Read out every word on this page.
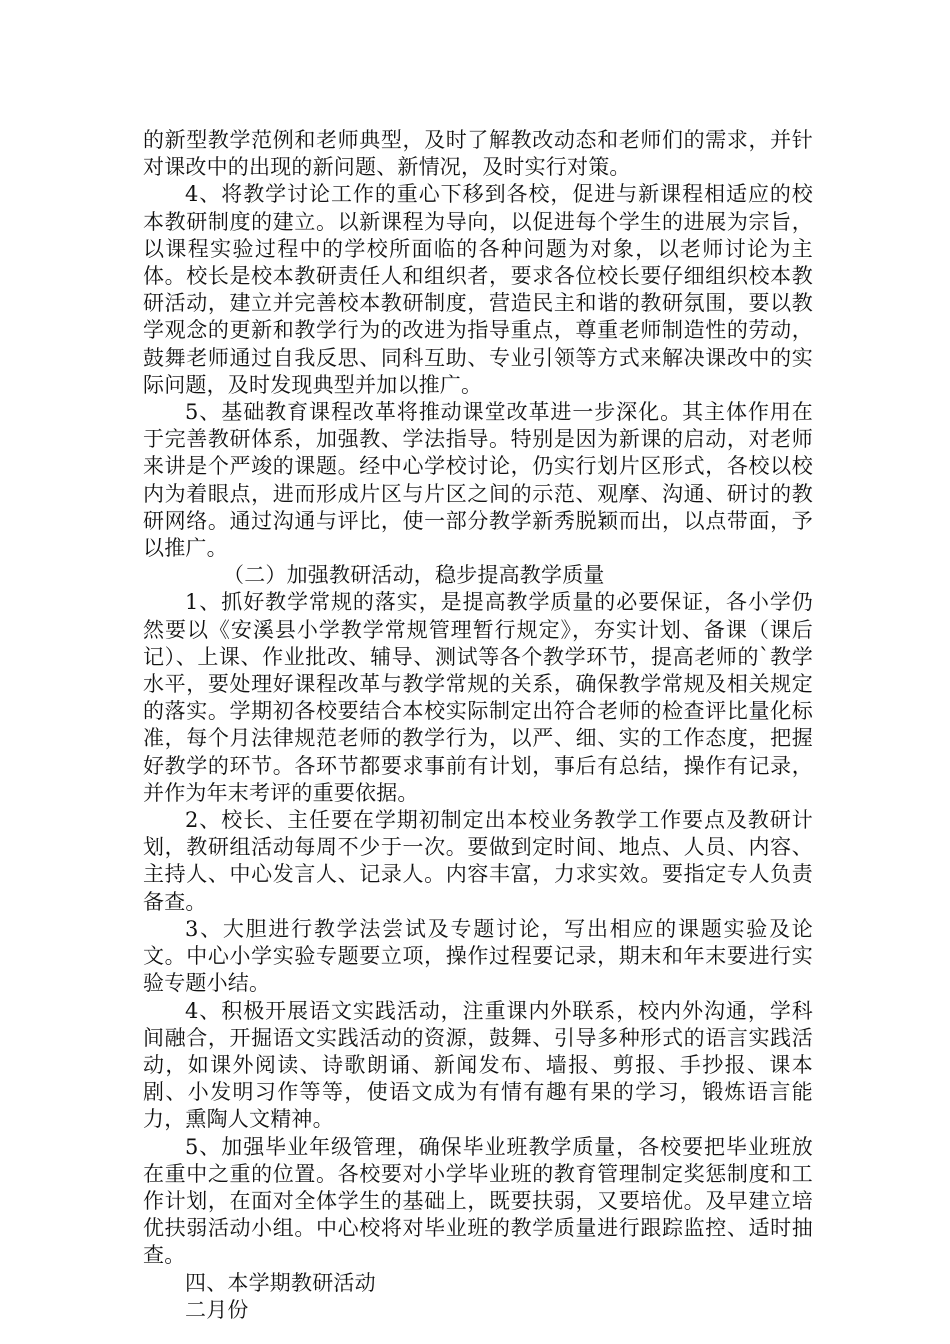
的新型教学范例和老师典型，及时了解教改动态和老师们的需求，并针对课改中的出现的新问题、新情况，及时实行对策。

4、将教学讨论工作的重心下移到各校，促进与新课程相适应的校本教研制度的建立。以新课程为导向，以促进每个学生的进展为宗旨，以课程实验过程中的学校所面临的各种问题为对象，以老师讨论为主体。校长是校本教研责任人和组织者，要求各位校长要仔细组织校本教研活动，建立并完善校本教研制度，营造民主和谐的教研氛围，要以教学观念的更新和教学行为的改进为指导重点，尊重老师制造性的劳动，鼓舞老师通过自我反思、同科互助、专业引领等方式来解决课改中的实际问题，及时发现典型并加以推广。

5、基础教育课程改革将推动课堂改革进一步深化。其主体作用在于完善教研体系，加强教、学法指导。特别是因为新课的启动，对老师来讲是个严竣的课题。经中心学校讨论，仍实行划片区形式，各校以校内为着眼点，进而形成片区与片区之间的示范、观摩、沟通、研讨的教研网络。通过沟通与评比，使一部分教学新秀脱颖而出，以点带面，予以推广。

（二）加强教研活动，稳步提高教学质量

1、抓好教学常规的落实，是提高教学质量的必要保证，各小学仍然要以《安溪县小学教学常规管理暂行规定》，夯实计划、备课（课后记）、上课、作业批改、辅导、测试等各个教学环节，提高老师的`教学水平，要处理好课程改革与教学常规的关系，确保教学常规及相关规定的落实。学期初各校要结合本校实际制定出符合老师的检查评比量化标准，每个月法律规范老师的教学行为，以严、细、实的工作态度，把握好教学的环节。各环节都要求事前有计划，事后有总结，操作有记录，并作为年末考评的重要依据。

2、校长、主任要在学期初制定出本校业务教学工作要点及教研计划，教研组活动每周不少于一次。要做到定时间、地点、人员、内容、主持人、中心发言人、记录人。内容丰富，力求实效。要指定专人负责备查。

3、大胆进行教学法尝试及专题讨论，写出相应的课题实验及论文。中心小学实验专题要立项，操作过程要记录，期末和年末要进行实验专题小结。

4、积极开展语文实践活动，注重课内外联系，校内外沟通，学科间融合，开掘语文实践活动的资源，鼓舞、引导多种形式的语言实践活动，如课外阅读、诗歌朗诵、新闻发布、墙报、剪报、手抄报、课本剧、小发明习作等等，使语文成为有情有趣有果的学习，锻炼语言能力，熏陶人文精神。

5、加强毕业年级管理，确保毕业班教学质量，各校要把毕业班放在重中之重的位置。各校要对小学毕业班的教育管理制定奖惩制度和工作计划，在面对全体学生的基础上，既要扶弱，又要培优。及早建立培优扶弱活动小组。中心校将对毕业班的教学质量进行跟踪监控、适时抽查。

四、本学期教研活动

二月份
